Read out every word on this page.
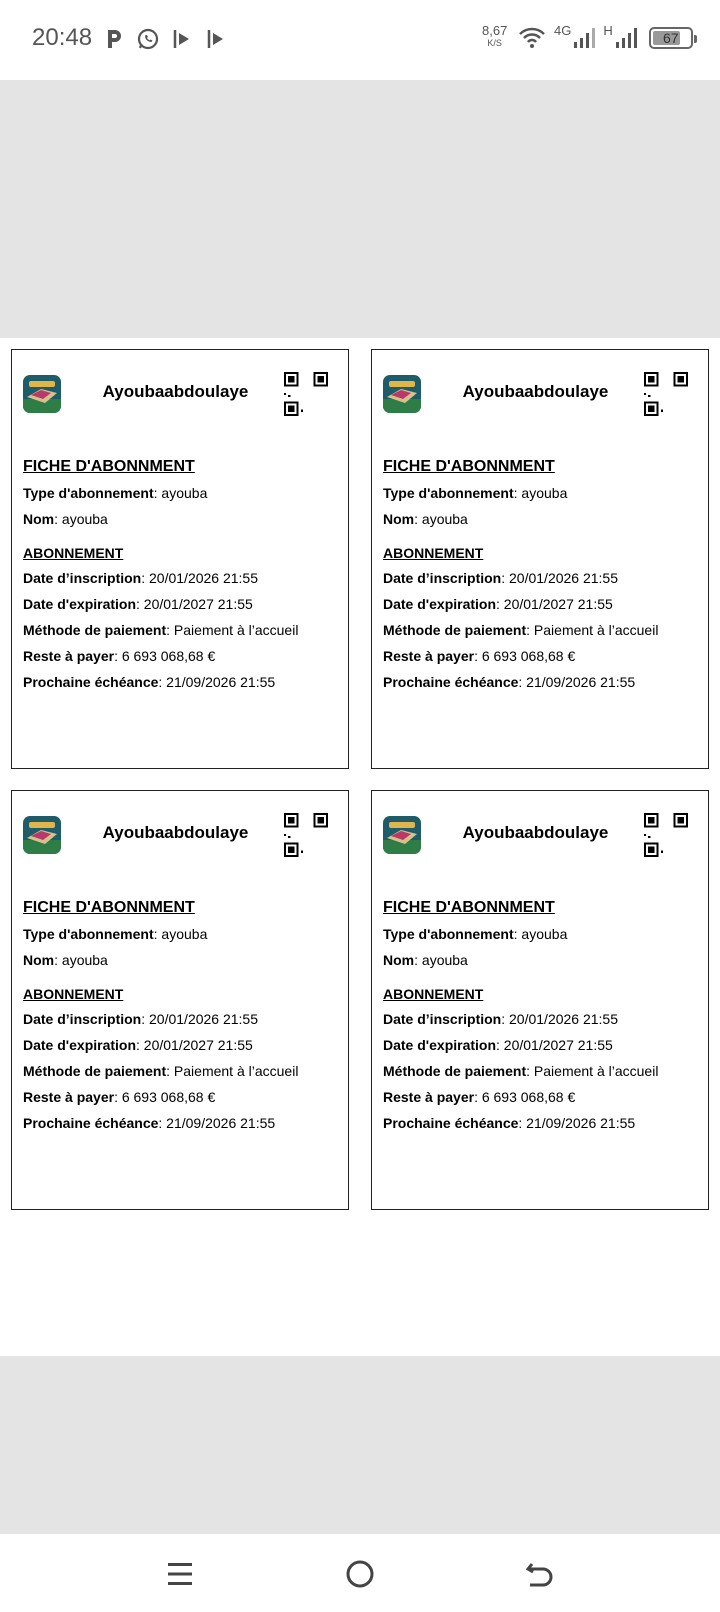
20:48	8,67
K/S
4G H	67
Ayoubaabdoulaye
FICHE D'ABONNMENT
Type d'abonnement: ayouba
Nom: ayouba
ABONNEMENT
Date d’inscription: 20/01/2026 21:55
Date d'expiration: 20/01/2027 21:55
Méthode de paiement: Paiement à l’accueil
Reste à payer: 6 693 068,68 €
Prochaine échéance: 21/09/2026 21:55
Ayoubaabdoulaye
FICHE D'ABONNMENT
Type d'abonnement: ayouba
Nom: ayouba
ABONNEMENT
Date d’inscription: 20/01/2026 21:55
Date d'expiration: 20/01/2027 21:55
Méthode de paiement: Paiement à l’accueil
Reste à payer: 6 693 068,68 €
Prochaine échéance: 21/09/2026 21:55
Ayoubaabdoulaye
FICHE D'ABONNMENT
Type d'abonnement: ayouba
Nom: ayouba
ABONNEMENT
Date d’inscription: 20/01/2026 21:55
Date d'expiration: 20/01/2027 21:55
Méthode de paiement: Paiement à l’accueil
Reste à payer: 6 693 068,68 €
Prochaine échéance: 21/09/2026 21:55
Ayoubaabdoulaye
FICHE D'ABONNMENT
Type d'abonnement: ayouba
Nom: ayouba
ABONNEMENT
Date d’inscription: 20/01/2026 21:55
Date d'expiration: 20/01/2027 21:55
Méthode de paiement: Paiement à l’accueil
Reste à payer: 6 693 068,68 €
Prochaine échéance: 21/09/2026 21:55
